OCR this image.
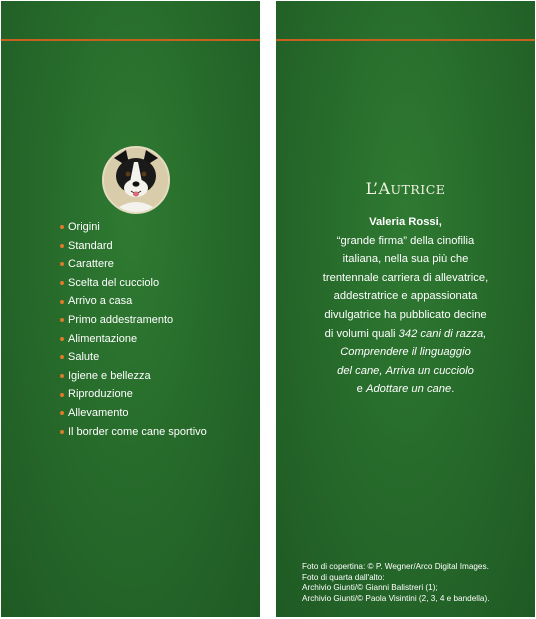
Origini
Standard
Carattere
Scelta del cucciolo
Arrivo a casa
Primo addestramento
Alimentazione
Salute
Igiene e bellezza
Riproduzione
Allevamento
Il border come cane sportivo
L’AUTRICE
Valeria Rossi,
“grande firma” della cinofilia
italiana, nella sua più che
trentennale carriera di allevatrice,
addestratrice e appassionata
divulgatrice ha pubblicato decine
di volumi quali 342 cani di razza,
Comprendere il linguaggio
del cane, Arriva un cucciolo
e Adottare un cane.
Foto di copertina: © P. Wegner/Arco Digital Images.
Foto di quarta dall'alto:
Archivio Giunti/© Gianni Balistreri (1);
Archivio Giunti/© Paola Visintini (2, 3, 4 e bandella).
